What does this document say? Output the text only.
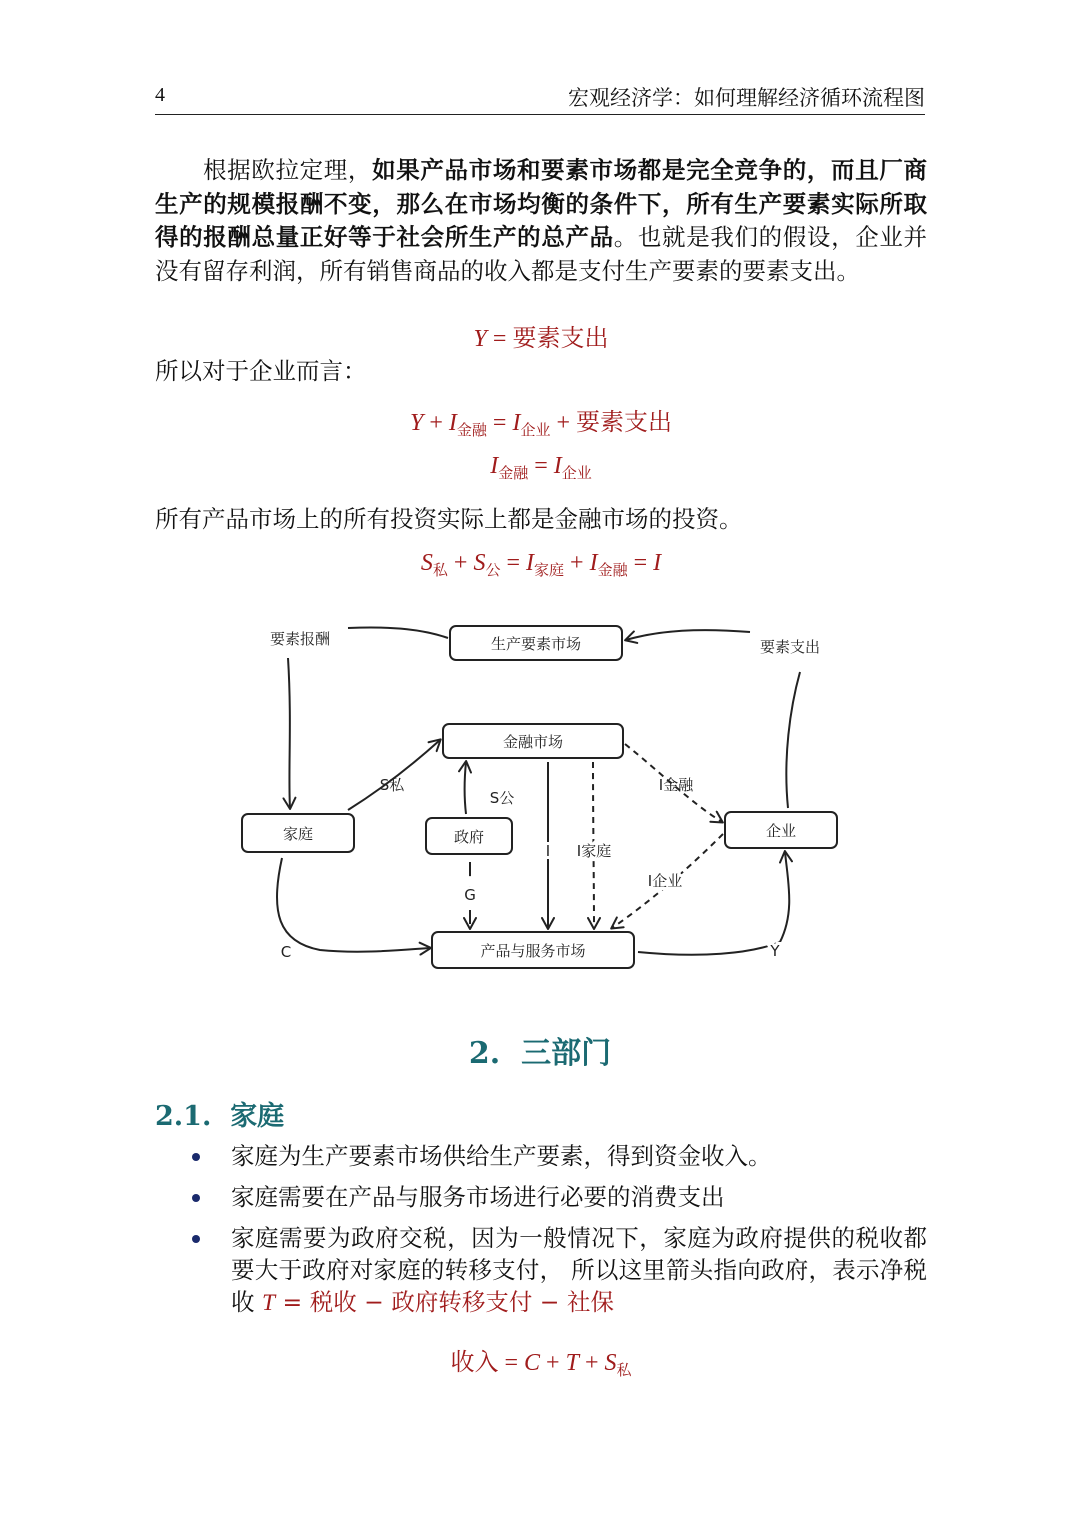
4	宏观经济学：如何理解经济循环流程图

根据欧拉定理，如果产品市场和要素市场都是完全竞争的，而且厂商生产的规模报酬不变，那么在市场均衡的条件下，所有生产要素实际所取得的报酬总量正好等于社会所生产的总产品。也就是我们的假设，企业并没有留存利润，所有销售商品的收入都是支付生产要素的要素支出。

Y = 要素支出

所以对于企业而言：

$Y + I_{金融} = I_{企业}$ + 要素支出
$I_{金融} = I_{企业}$

所有产品市场上的所有投资实际上都是金融市场的投资。

$S_私 + S_公 = I_{家庭} + I_{金融} = I$
生产要素市场
金融市场
家庭	政府	企业
产品与服务市场
要素报酬	要素支出
S私
S公
I金融
I I家庭
I企业
G
C	Y
2. 三部门
2.1. 家庭
家庭为生产要素市场供给生产要素，得到资金收入。
家庭需要在产品与服务市场进行必要的消费支出
家庭需要为政府交税，因为一般情况下，家庭为政府提供的税收都要大于政府对家庭的转移支付， 所以这里箭头指向政府，表示净税收 T = 税收 − 政府转移支付 − 社保
收入 = $C + T + S_私$
